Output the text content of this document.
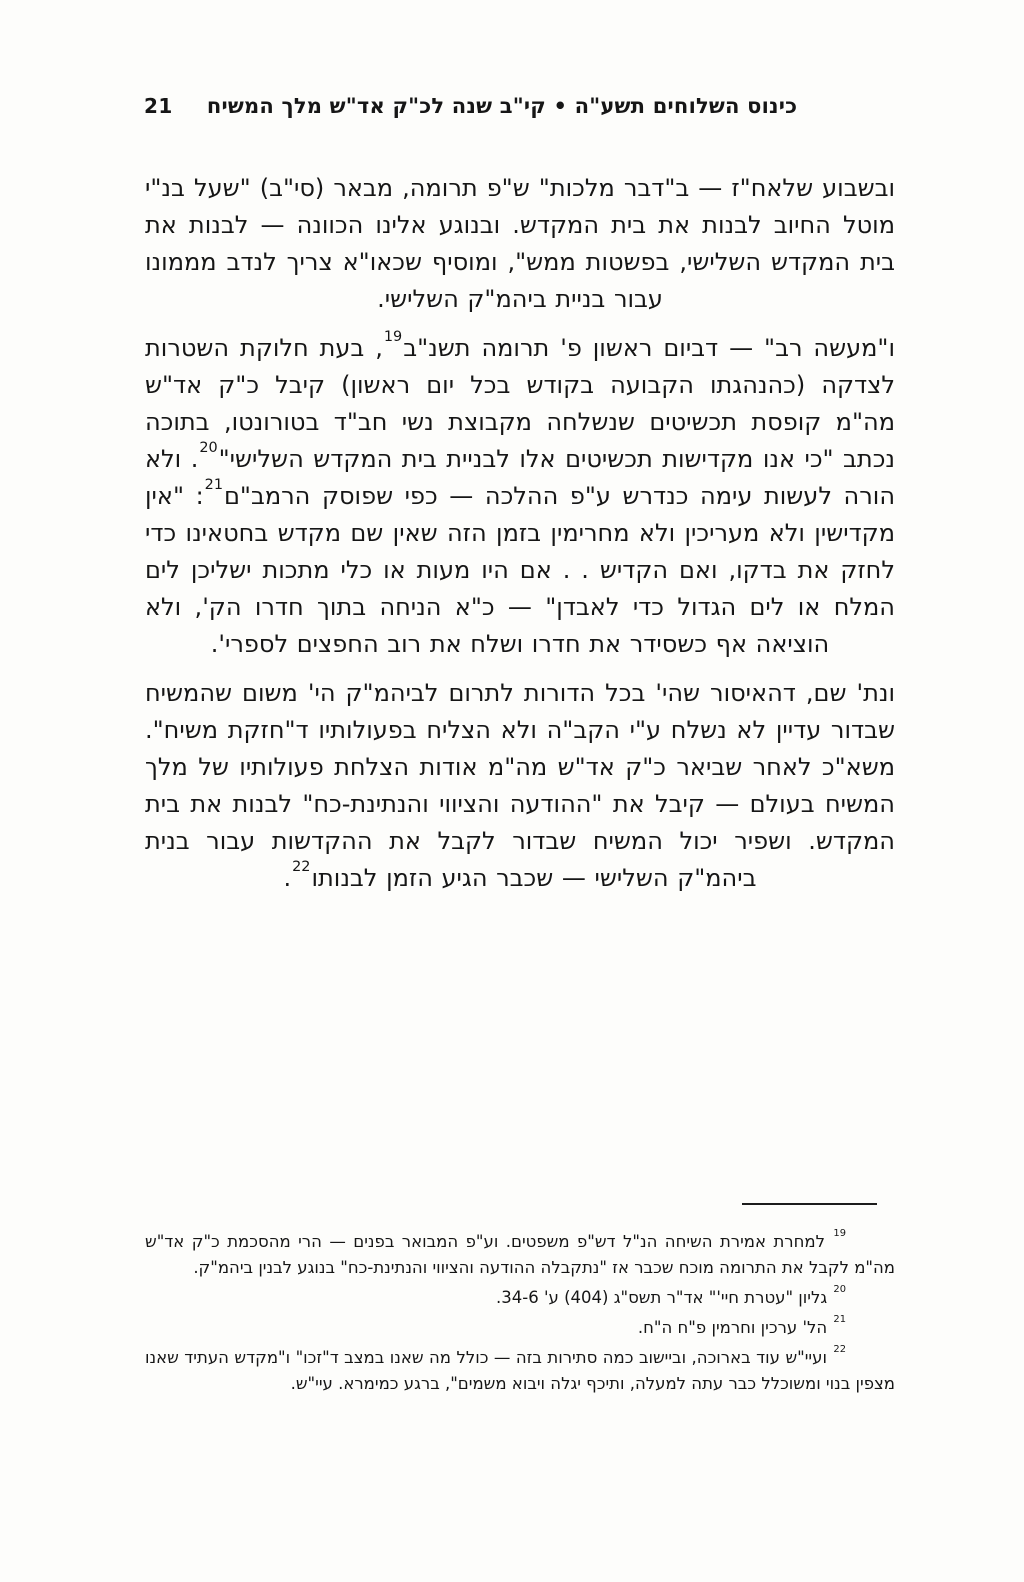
21 כינוס השלוחים תשע"ה • קי"ב שנה לכ"ק אד"ש מלך המשיח

ובשבוע שלאח"ז — ב"דבר מלכות" ש"פ תרומה, מבאר (סי"ב) "שעל בנ"י מוטל החיוב לבנות את בית המקדש. ובנוגע אלינו הכוונה — לבנות את בית המקדש השלישי, בפשטות ממש", ומוסיף שכאו"א צריך לנדב מממונו עבור בניית ביהמ"ק השלישי.

ו"מעשה רב" — דביום ראשון פ' תרומה תשנ"ב$^{19}$, בעת חלוקת השטרות לצדקה (כהנהגתו הקבועה בקודש בכל יום ראשון) קיבל כ"ק אד"ש מה"מ קופסת תכשיטים שנשלחה מקבוצת נשי חב"ד בטורונטו, בתוכה נכתב "כי אנו מקדישות תכשיטים אלו לבניית בית המקדש השלישי"$^{20}$. ולא הורה לעשות עימה כנדרש ע"פ ההלכה — כפי שפוסק הרמב"ם$^{21}$: "אין מקדישין ולא מעריכין ולא מחרימין בזמן הזה שאין שם מקדש בחטאינו כדי לחזק את בדקו, ואם הקדיש . . אם היו מעות או כלי מתכות ישליכן לים המלח או לים הגדול כדי לאבדן" — כ"א הניחה בתוך חדרו הק', ולא הוציאה אף כשסידר את חדרו ושלח את רוב החפצים לספרי'.

ונת' שם, דהאיסור שהי' בכל הדורות לתרום לביהמ"ק הי' משום שהמשיח שבדור עדיין לא נשלח ע"י הקב"ה ולא הצליח בפעולותיו ד"חזקת משיח". משא"כ לאחר שביאר כ"ק אד"ש מה"מ אודות הצלחת פעולותיו של מלך המשיח בעולם — קיבל את "ההודעה והציווי והנתינת-כח" לבנות את בית המקדש. ושפיר יכול המשיח שבדור לקבל את ההקדשות עבור בנית ביהמ"ק השלישי — שכבר הגיע הזמן לבנותו$^{22}$.

$^{19}$ למחרת אמירת השיחה הנ"ל דש"פ משפטים. וע"פ המבואר בפנים — הרי מהסכמת כ"ק אד"ש מה"מ לקבל את התרומה מוכח שכבר אז "נתקבלה ההודעה והציווי והנתינת-כח" בנוגע לבנין ביהמ"ק.

$^{20}$ גליון "עטרת חיי'" אד"ר תשס"ג (404) ע' 34-6.

$^{21}$ הל' ערכין וחרמין פ"ח ה"ח.

$^{22}$ ועיי"ש עוד בארוכה, וביישוב כמה סתירות בזה — כולל מה שאנו במצב ד"זכו" ו"מקדש העתיד שאנו מצפין בנוי ומשוכלל כבר עתה למעלה, ותיכף יגלה ויבוא משמים", ברגע כמימרא. עיי"ש.
